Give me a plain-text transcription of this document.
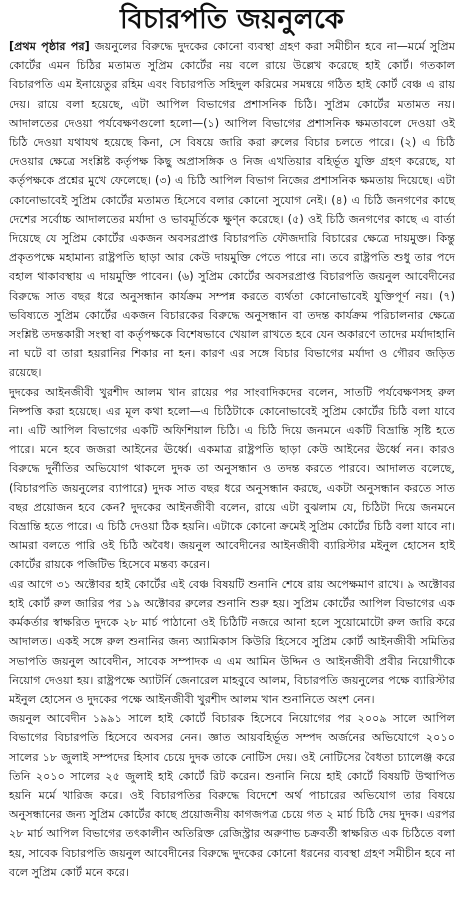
বিচারপতি জয়নুলকে

[প্রথম পৃষ্ঠার পর] জয়নুলের বিরুদ্ধে দুদকের কোনো ব্যবস্থা গ্রহণ করা সমীচীন হবে না—মর্মে সুপ্রিম কোর্টের এমন চিঠির মতামত সুপ্রিম কোর্টের নয় বলে রায়ে উল্লেখ করেছে হাই কোর্ট। গতকাল বিচারপতি এম ইনায়েতুর রহিম এবং বিচারপতি সহিদুল করিমের সমন্বয়ে গঠিত হাই কোর্ট বেঞ্চ এ রায় দেয়। রায়ে বলা হয়েছে, এটা আপিল বিভাগের প্রশাসনিক চিঠি। সুপ্রিম কোর্টের মতামত নয়। আদালতের দেওয়া পর্যবেক্ষণগুলো হলো—(১) আপিল বিভাগের প্রশাসনিক ক্ষমতাবলে দেওয়া ওই চিঠি দেওয়া যথাযথ হয়েছে কিনা, সে বিষয়ে জারি করা রুলের বিচার চলতে পারে। (২) এ চিঠি দেওয়ার ক্ষেত্রে সংশ্লিষ্ট কর্তৃপক্ষ কিছু অপ্রাসঙ্গিক ও নিজ এখতিয়ার বহির্ভূত যুক্তি গ্রহণ করেছে, যা কর্তৃপক্ষকে প্রশ্নের মুখে ফেলেছে। (৩) এ চিঠি আপিল বিভাগ নিজের প্রশাসনিক ক্ষমতায় দিয়েছে। এটা কোনোভাবেই সুপ্রিম কোর্টের মতামত হিসেবে বলার কোনো সুযোগ নেই। (৪) এ চিঠি জনগণের কাছে দেশের সর্বোচ্চ আদালতের মর্যাদা ও ভাবমূর্তিকে ক্ষুণ্ন করেছে। (৫) ওই চিঠি জনগণের কাছে এ বার্তা দিয়েছে যে সুপ্রিম কোর্টের একজন অবসরপ্রাপ্ত বিচারপতি ফৌজদারি বিচারের ক্ষেত্রে দায়মুক্ত। কিন্তু প্রকৃতপক্ষে মহামান্য রাষ্ট্রপতি ছাড়া আর কেউ দায়মুক্তি পেতে পারে না। তবে রাষ্ট্রপতি শুধু তার পদে বহাল থাকাবস্থায় এ দায়মুক্তি পাবেন। (৬) সুপ্রিম কোর্টের অবসরপ্রাপ্ত বিচারপতি জয়নুল আবেদীনের বিরুদ্ধে সাত বছর ধরে অনুসন্ধান কার্যক্রম সম্পন্ন করতে ব্যর্থতা কোনোভাবেই যুক্তিপূর্ণ নয়। (৭) ভবিষ্যতে সুপ্রিম কোর্টের একজন বিচারকের বিরুদ্ধে অনুসন্ধান বা তদন্ত কার্যক্রম পরিচালনার ক্ষেত্রে সংশ্লিষ্ট তদন্তকারী সংস্থা বা কর্তৃপক্ষকে বিশেষভাবে খেয়াল রাখতে হবে যেন অকারণে তাদের মর্যাদাহানি না ঘটে বা তারা হয়রানির শিকার না হন। কারণ এর সঙ্গে বিচার বিভাগের মর্যাদা ও গৌরব জড়িত রয়েছে।

দুদকের আইনজীবী খুরশীদ আলম খান রায়ের পর সাংবাদিকদের বলেন, সাতটি পর্যবেক্ষণসহ রুল নিষ্পত্তি করা হয়েছে। এর মূল কথা হলো—এ চিঠিটাকে কোনোভাবেই সুপ্রিম কোর্টের চিঠি বলা যাবে না। এটি আপিল বিভাগের একটি অফিশিয়াল চিঠি। এ চিঠি দিয়ে জনমনে একটি বিভ্রান্তি সৃষ্টি হতে পারে। মনে হবে জজরা আইনের ঊর্ধ্বে। একমাত্র রাষ্ট্রপতি ছাড়া কেউ আইনের ঊর্ধ্বে নন। কারও বিরুদ্ধে দুর্নীতির অভিযোগ থাকলে দুদক তা অনুসন্ধান ও তদন্ত করতে পারবে। আদালত বলেছে, (বিচারপতি জয়নুলের ব্যাপারে) দুদক সাত বছর ধরে অনুসন্ধান করছে, একটা অনুসন্ধান করতে সাত বছর প্রয়োজন হবে কেন? দুদকের আইনজীবী বলেন, রায়ে এটা বুঝলাম যে, চিঠিটা দিয়ে জনমনে বিভ্রান্তি হতে পারে। এ চিঠি দেওয়া ঠিক হয়নি। এটাকে কোনো ক্রমেই সুপ্রিম কোর্টের চিঠি বলা যাবে না। আমরা বলতে পারি ওই চিঠি অবৈধ। জয়নুল আবেদীনের আইনজীবী ব্যারিস্টার মইনুল হোসেন হাই কোর্টের রায়কে পজিটিভ হিসেবে মন্তব্য করেন।

এর আগে ৩১ অক্টোবর হাই কোর্টের এই বেঞ্চ বিষয়টি শুনানি শেষে রায় অপেক্ষমাণ রাখে। ৯ অক্টোবর হাই কোর্ট রুল জারির পর ১৯ অক্টোবর রুলের শুনানি শুরু হয়। সুপ্রিম কোর্টের আপিল বিভাগের এক কর্মকর্তার স্বাক্ষরিত দুদকে ২৮ মার্চ পাঠানো ওই চিঠিটি নজরে আনা হলে সুয়োমোটো রুল জারি করে আদালত। একই সঙ্গে রুল শুনানির জন্য অ্যামিকাস কিউরি হিসেবে সুপ্রিম কোর্ট আইনজীবী সমিতির সভাপতি জয়নুল আবেদীন, সাবেক সম্পাদক এ এম আমিন উদ্দিন ও আইনজীবী প্রবীর নিয়োগীকে নিয়োগ দেওয়া হয়। রাষ্ট্রপক্ষে অ্যাটর্নি জেনারেল মাহবুবে আলম, বিচারপতি জয়নুলের পক্ষে ব্যারিস্টার মইনুল হোসেন ও দুদকের পক্ষে আইনজীবী খুরশীদ আলম খান শুনানিতে অংশ নেন।

জয়নুল আবেদীন ১৯৯১ সালে হাই কোর্টে বিচারক হিসেবে নিয়োগের পর ২০০৯ সালে আপিল বিভাগের বিচারপতি হিসেবে অবসর নেন। জ্ঞাত আয়বহির্ভূত সম্পদ অর্জনের অভিযোগে ২০১০ সালের ১৮ জুলাই সম্পদের হিসাব চেয়ে দুদক তাকে নোটিস দেয়। ওই নোটিসের বৈধতা চ্যালেঞ্জ করে তিনি ২০১০ সালের ২৫ জুলাই হাই কোর্টে রিট করেন। শুনানি নিয়ে হাই কোর্টে বিষয়টি উত্থাপিত হয়নি মর্মে খারিজ করে। ওই বিচারপতির বিরুদ্ধে বিদেশে অর্থ পাচারের অভিযোগ তার বিষয়ে অনুসন্ধানের জন্য সুপ্রিম কোর্টের কাছে প্রয়োজনীয় কাগজপত্র চেয়ে গত ২ মার্চ চিঠি দেয় দুদক। এরপর ২৮ মার্চ আপিল বিভাগের তৎকালীন অতিরিক্ত রেজিস্ট্রার অরুণাভ চক্রবর্তী স্বাক্ষরিত এক চিঠিতে বলা হয়, সাবেক বিচারপতি জয়নুল আবেদীনের বিরুদ্ধে দুদকের কোনো ধরনের ব্যবস্থা গ্রহণ সমীচীন হবে না বলে সুপ্রিম কোর্ট মনে করে।
